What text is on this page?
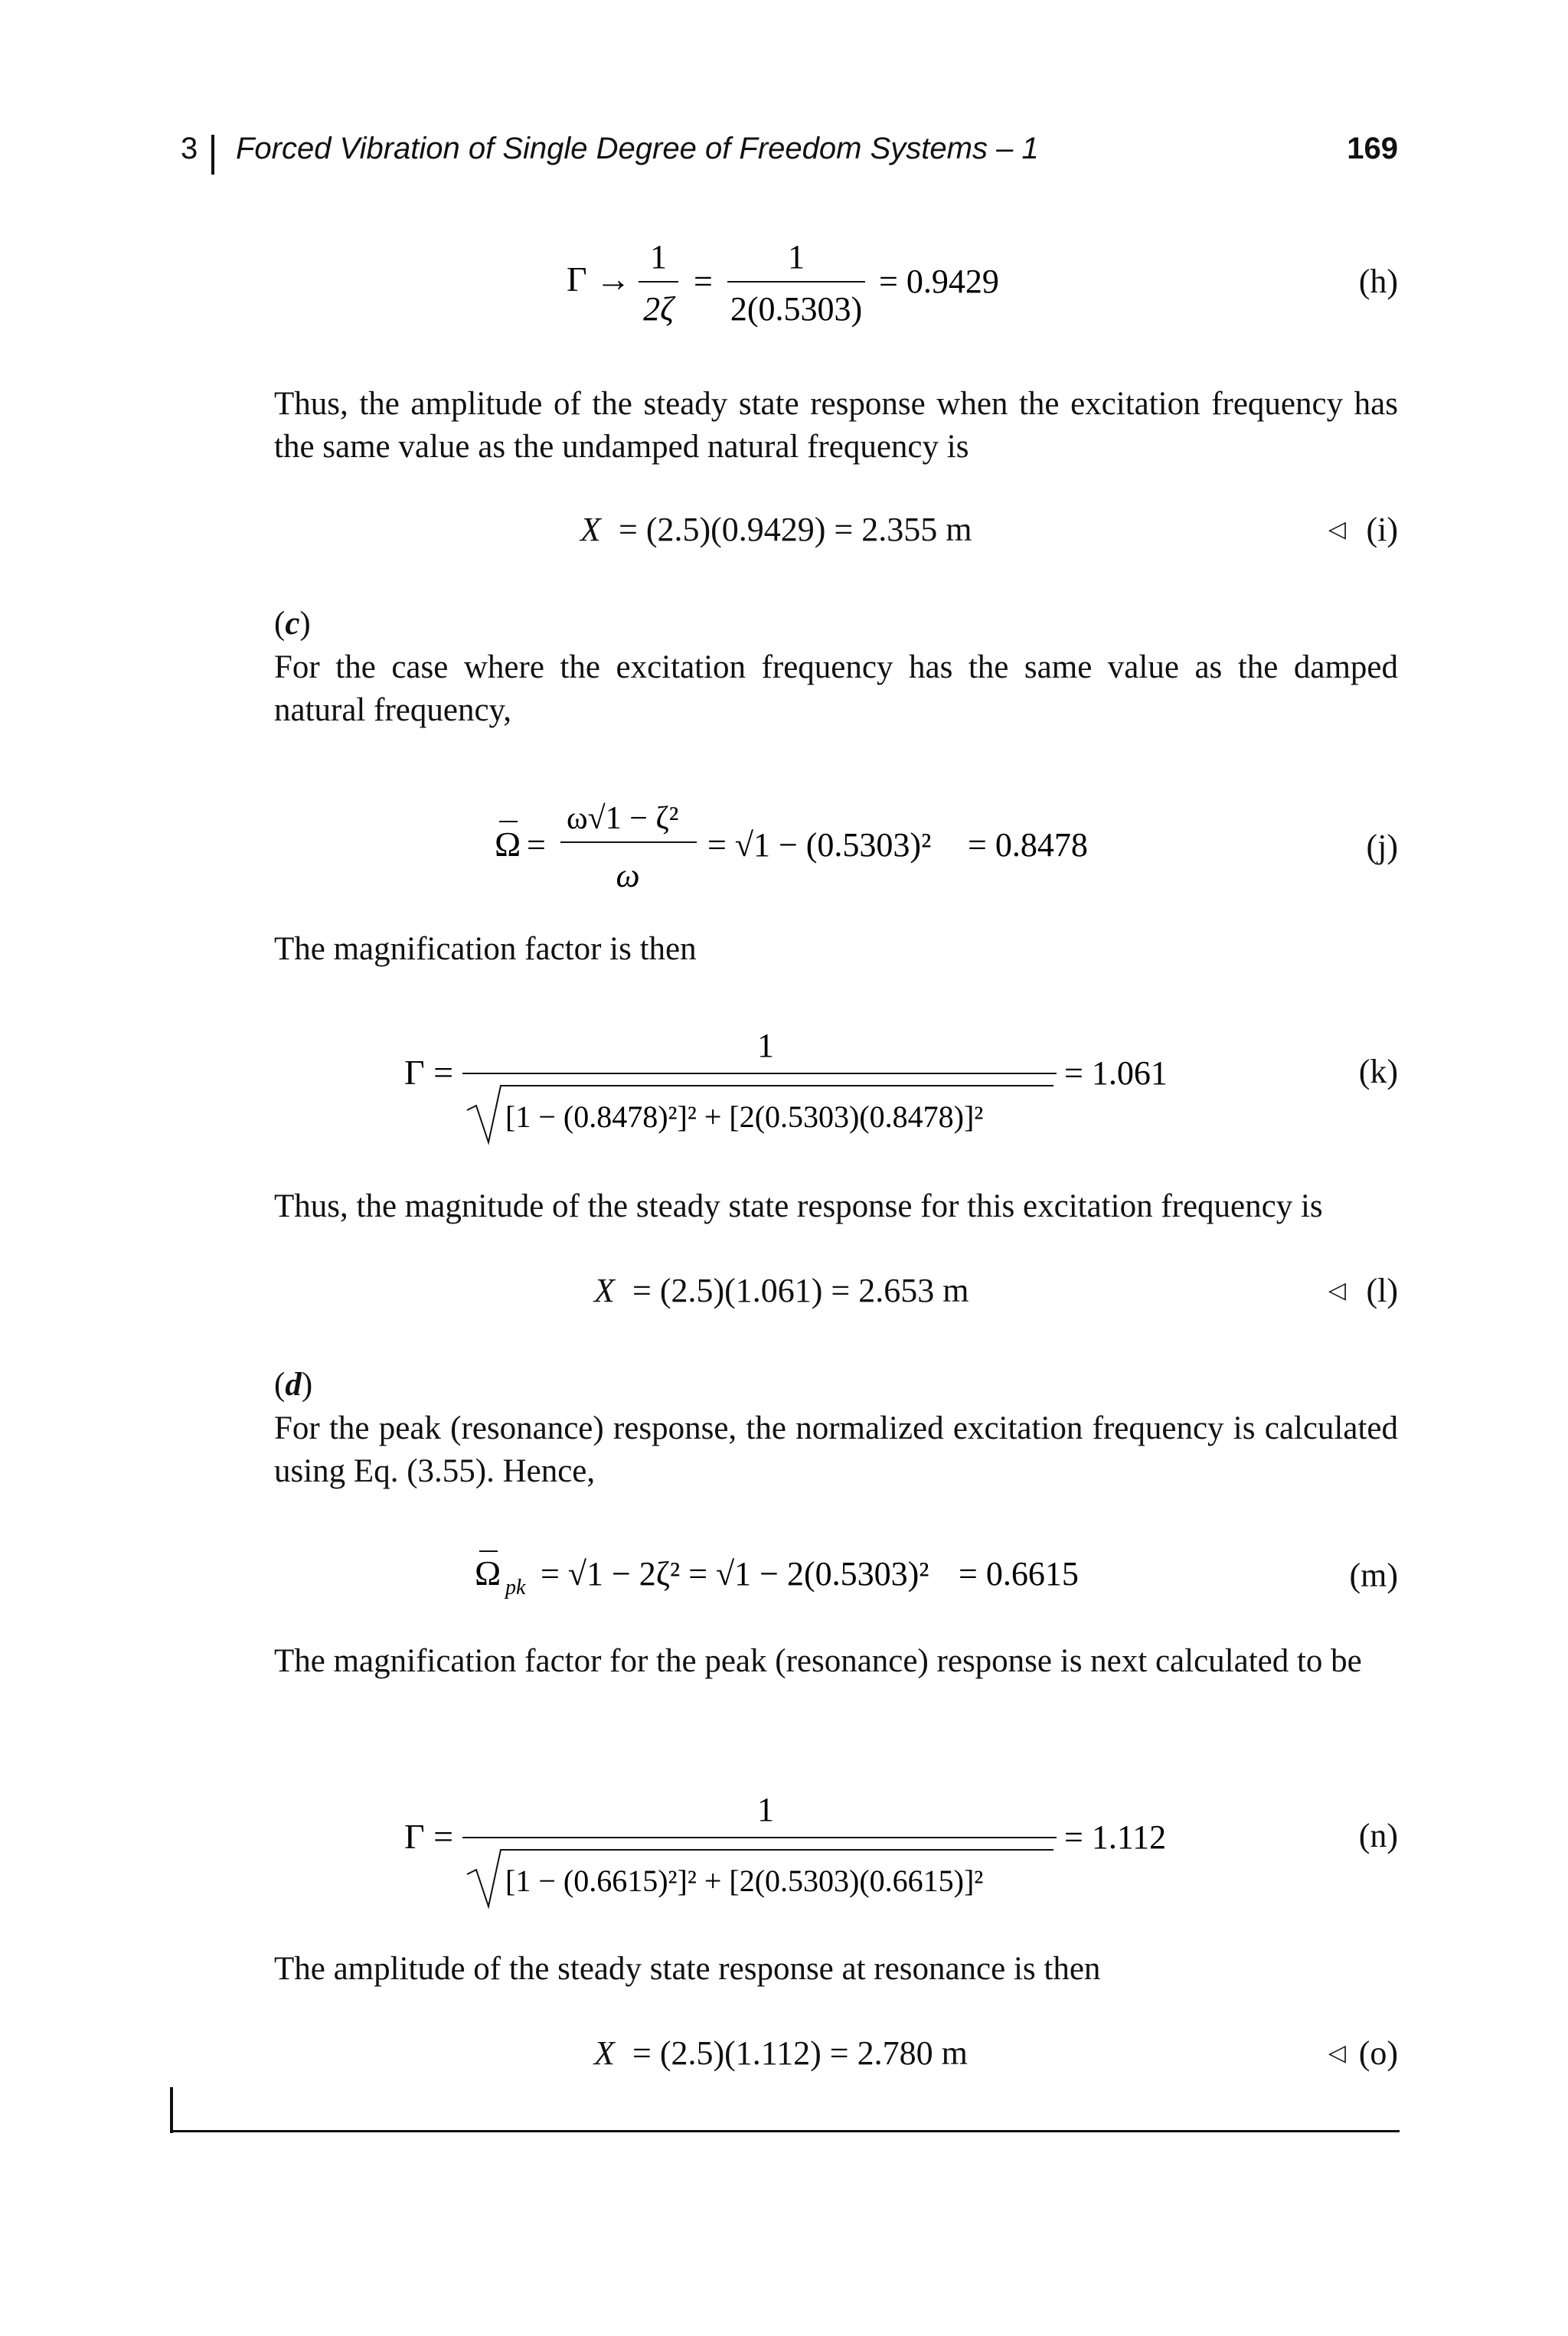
3 Forced Vibration of Single Degree of Freedom Systems – 1	169
Γ →
1
2ζ
=
1
2(0.5303)
= 0.9429	(h)
Thus, the amplitude of the steady state response when the excitation frequency has the same value as the undamped natural frequency is
X = (2.5)(0.9429) = 2.355 m	◁ (i)
(c)
For the case where the excitation frequency has the same value as the damped natural frequency,
Ω =
ω√1 − ζ²
ω
= √1 − (0.5303)² = 0.8478	(j)
The magnification factor is then
Γ =
1
[1 − (0.8478)²]² + [2(0.5303)(0.8478)]²
= 1.061	(k)
Thus, the magnitude of the steady state response for this excitation frequency is
X = (2.5)(1.061) = 2.653 m	◁ (l)
(d)
For the peak (resonance) response, the normalized excitation frequency is calculated using Eq. (3.55). Hence,
Ω pk = √1 − 2ζ² = √1 − 2(0.5303)² = 0.6615	(m)
The magnification factor for the peak (resonance) response is next calculated to be
Γ =
1
[1 − (0.6615)²]² + [2(0.5303)(0.6615)]²
= 1.112	(n)
The amplitude of the steady state response at resonance is then
X = (2.5)(1.112) = 2.780 m	◁ (o)
